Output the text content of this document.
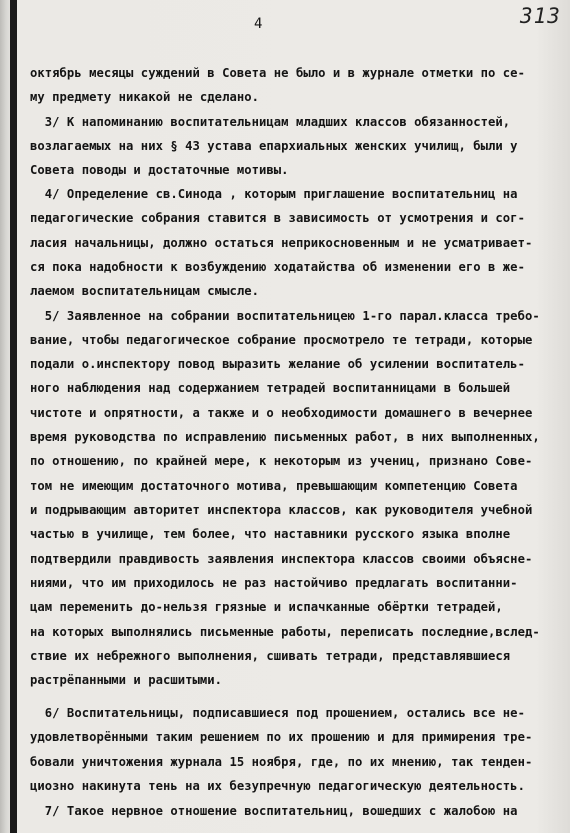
4	313
октябрь месяцы суждений в Совета не было и в журнале отметки по се-
му предмету никакой не сделано.
3/ К напоминанию воспитательницам младших классов обязанностей,
возлагаемых на них § 43 устава епархиальных женских училищ, были у
Совета поводы и достаточные мотивы.
4/ Определение св.Синода , которым приглашение воспитательниц на
педагогические собрания ставится в зависимость от усмотрения и сог-
ласия начальницы, должно остаться неприкосновенным и не усматривает-
ся пока надобности к возбуждению ходатайства об изменении его в же-
лаемом воспитательницам смысле.
5/ Заявленное на собрании воспитательницею 1-го парал.класса требо-
вание, чтобы педагогическое собрание просмотрело те тетради, которые
подали о.инспектору повод выразить желание об усилении воспитатель-
ного наблюдения над содержанием тетрадей воспитанницами в большей
чистоте и опрятности, а также и о необходимости домашнего в вечернее
время руководства по исправлению письменных работ, в них выполненных,
по отношению, по крайней мере, к некоторым из учениц, признано Сове-
том не имеющим достаточного мотива, превышающим компетенцию Совета
и подрывающим авторитет инспектора классов, как руководителя учебной
частью в училище, тем более, что наставники русского языка вполне
подтвердили правдивость заявления инспектора классов своими объясне-
ниями, что им приходилось не раз настойчиво предлагать воспитанни-
цам переменить до-нельзя грязные и испачканные обёртки тетрадей,
на которых выполнялись письменные работы, переписать последние,вслед-
ствие их небрежного выполнения, сшивать тетради, представлявшиеся
растрёпанными и расшитыми.
6/ Воспитательницы, подписавшиеся под прошением, остались все не-
удовлетворёнными таким решением по их прошению и для примирения тре-
бовали уничтожения журнала 15 ноября, где, по их мнению, так тенден-
циозно накинута тень на их безупречную педагогическую деятельность.
7/ Такое нервное отношение воспитательниц, вошедших с жалобою на
